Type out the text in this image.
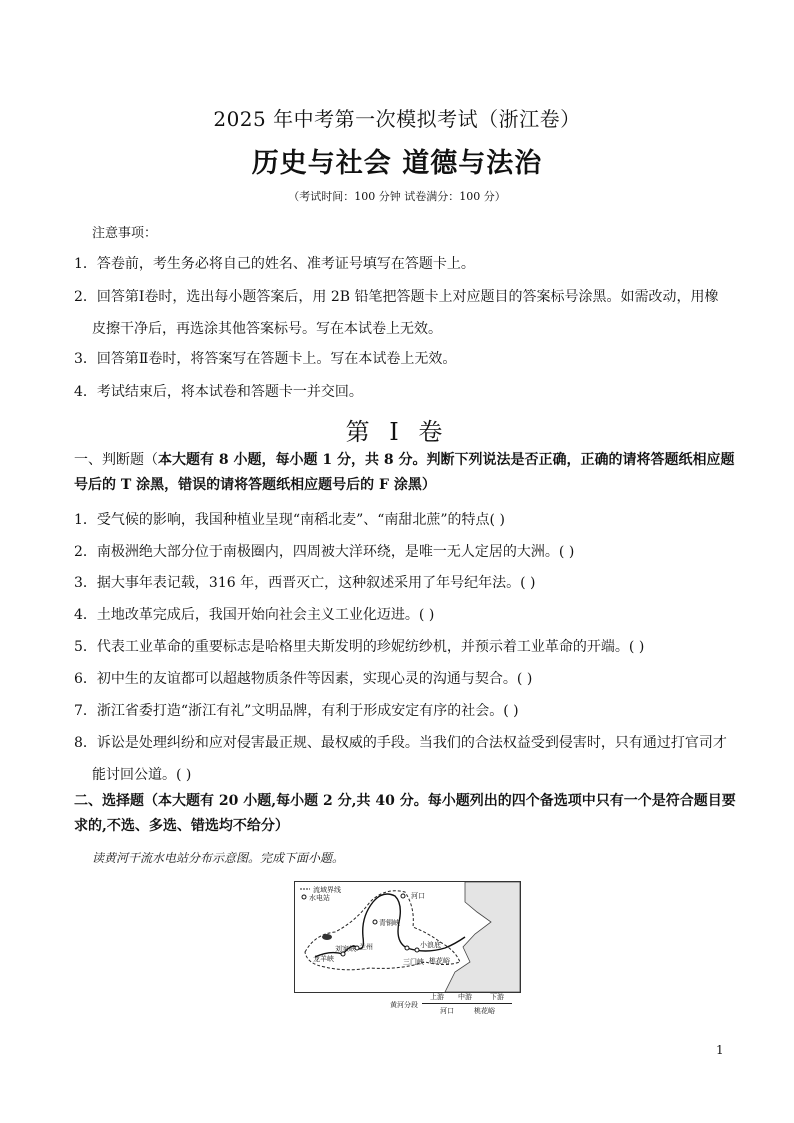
2025 年中考第一次模拟考试（浙江卷）
历史与社会 道德与法治
（考试时间：100 分钟 试卷满分：100 分）
注意事项：
1．答卷前，考生务必将自己的姓名、准考证号填写在答题卡上。
2．回答第Ⅰ卷时，选出每小题答案后，用 2B 铅笔把答题卡上对应题目的答案标号涂黑。如需改动，用橡
皮擦干净后，再选涂其他答案标号。写在本试卷上无效。
3．回答第Ⅱ卷时，将答案写在答题卡上。写在本试卷上无效。
4．考试结束后，将本试卷和答题卡一并交回。
第 I 卷
一、判断题（本大题有 8 小题，每小题 1 分，共 8 分。判断下列说法是否正确，正确的请将答题纸相应题
号后的 T 涂黑，错误的请将答题纸相应题号后的 F 涂黑）
1．受气候的影响，我国种植业呈现“南稻北麦”、“南甜北蔗”的特点( )
2．南极洲绝大部分位于南极圈内，四周被大洋环绕，是唯一无人定居的大洲。( )
3．据大事年表记载，316 年，西晋灭亡，这种叙述采用了年号纪年法。( )
4．土地改革完成后，我国开始向社会主义工业化迈进。( )
5．代表工业革命的重要标志是哈格里夫斯发明的珍妮纺纱机，并预示着工业革命的开端。( )
6．初中生的友谊都可以超越物质条件等因素，实现心灵的沟通与契合。( )
7．浙江省委打造“浙江有礼”文明品牌，有利于形成安定有序的社会。( )
8．诉讼是处理纠纷和应对侵害最正规、最权威的手段。当我们的合法权益受到侵害时，只有通过打官司才
能讨回公道。( )
二、选择题（本大题有 20 小题,每小题 2 分,共 40 分。每小题列出的四个备选项中只有一个是符合题目要
求的,不选、多选、错选均不给分）
读黄河干流水电站分布示意图。完成下面小题。
流域界线
水电站	河口
青铜峡
刘家峡 兰州
龙羊峡
小浪底
三门峡 桃花峪
黄河分段
上游 中游	下游
河口	桃花峪
1
